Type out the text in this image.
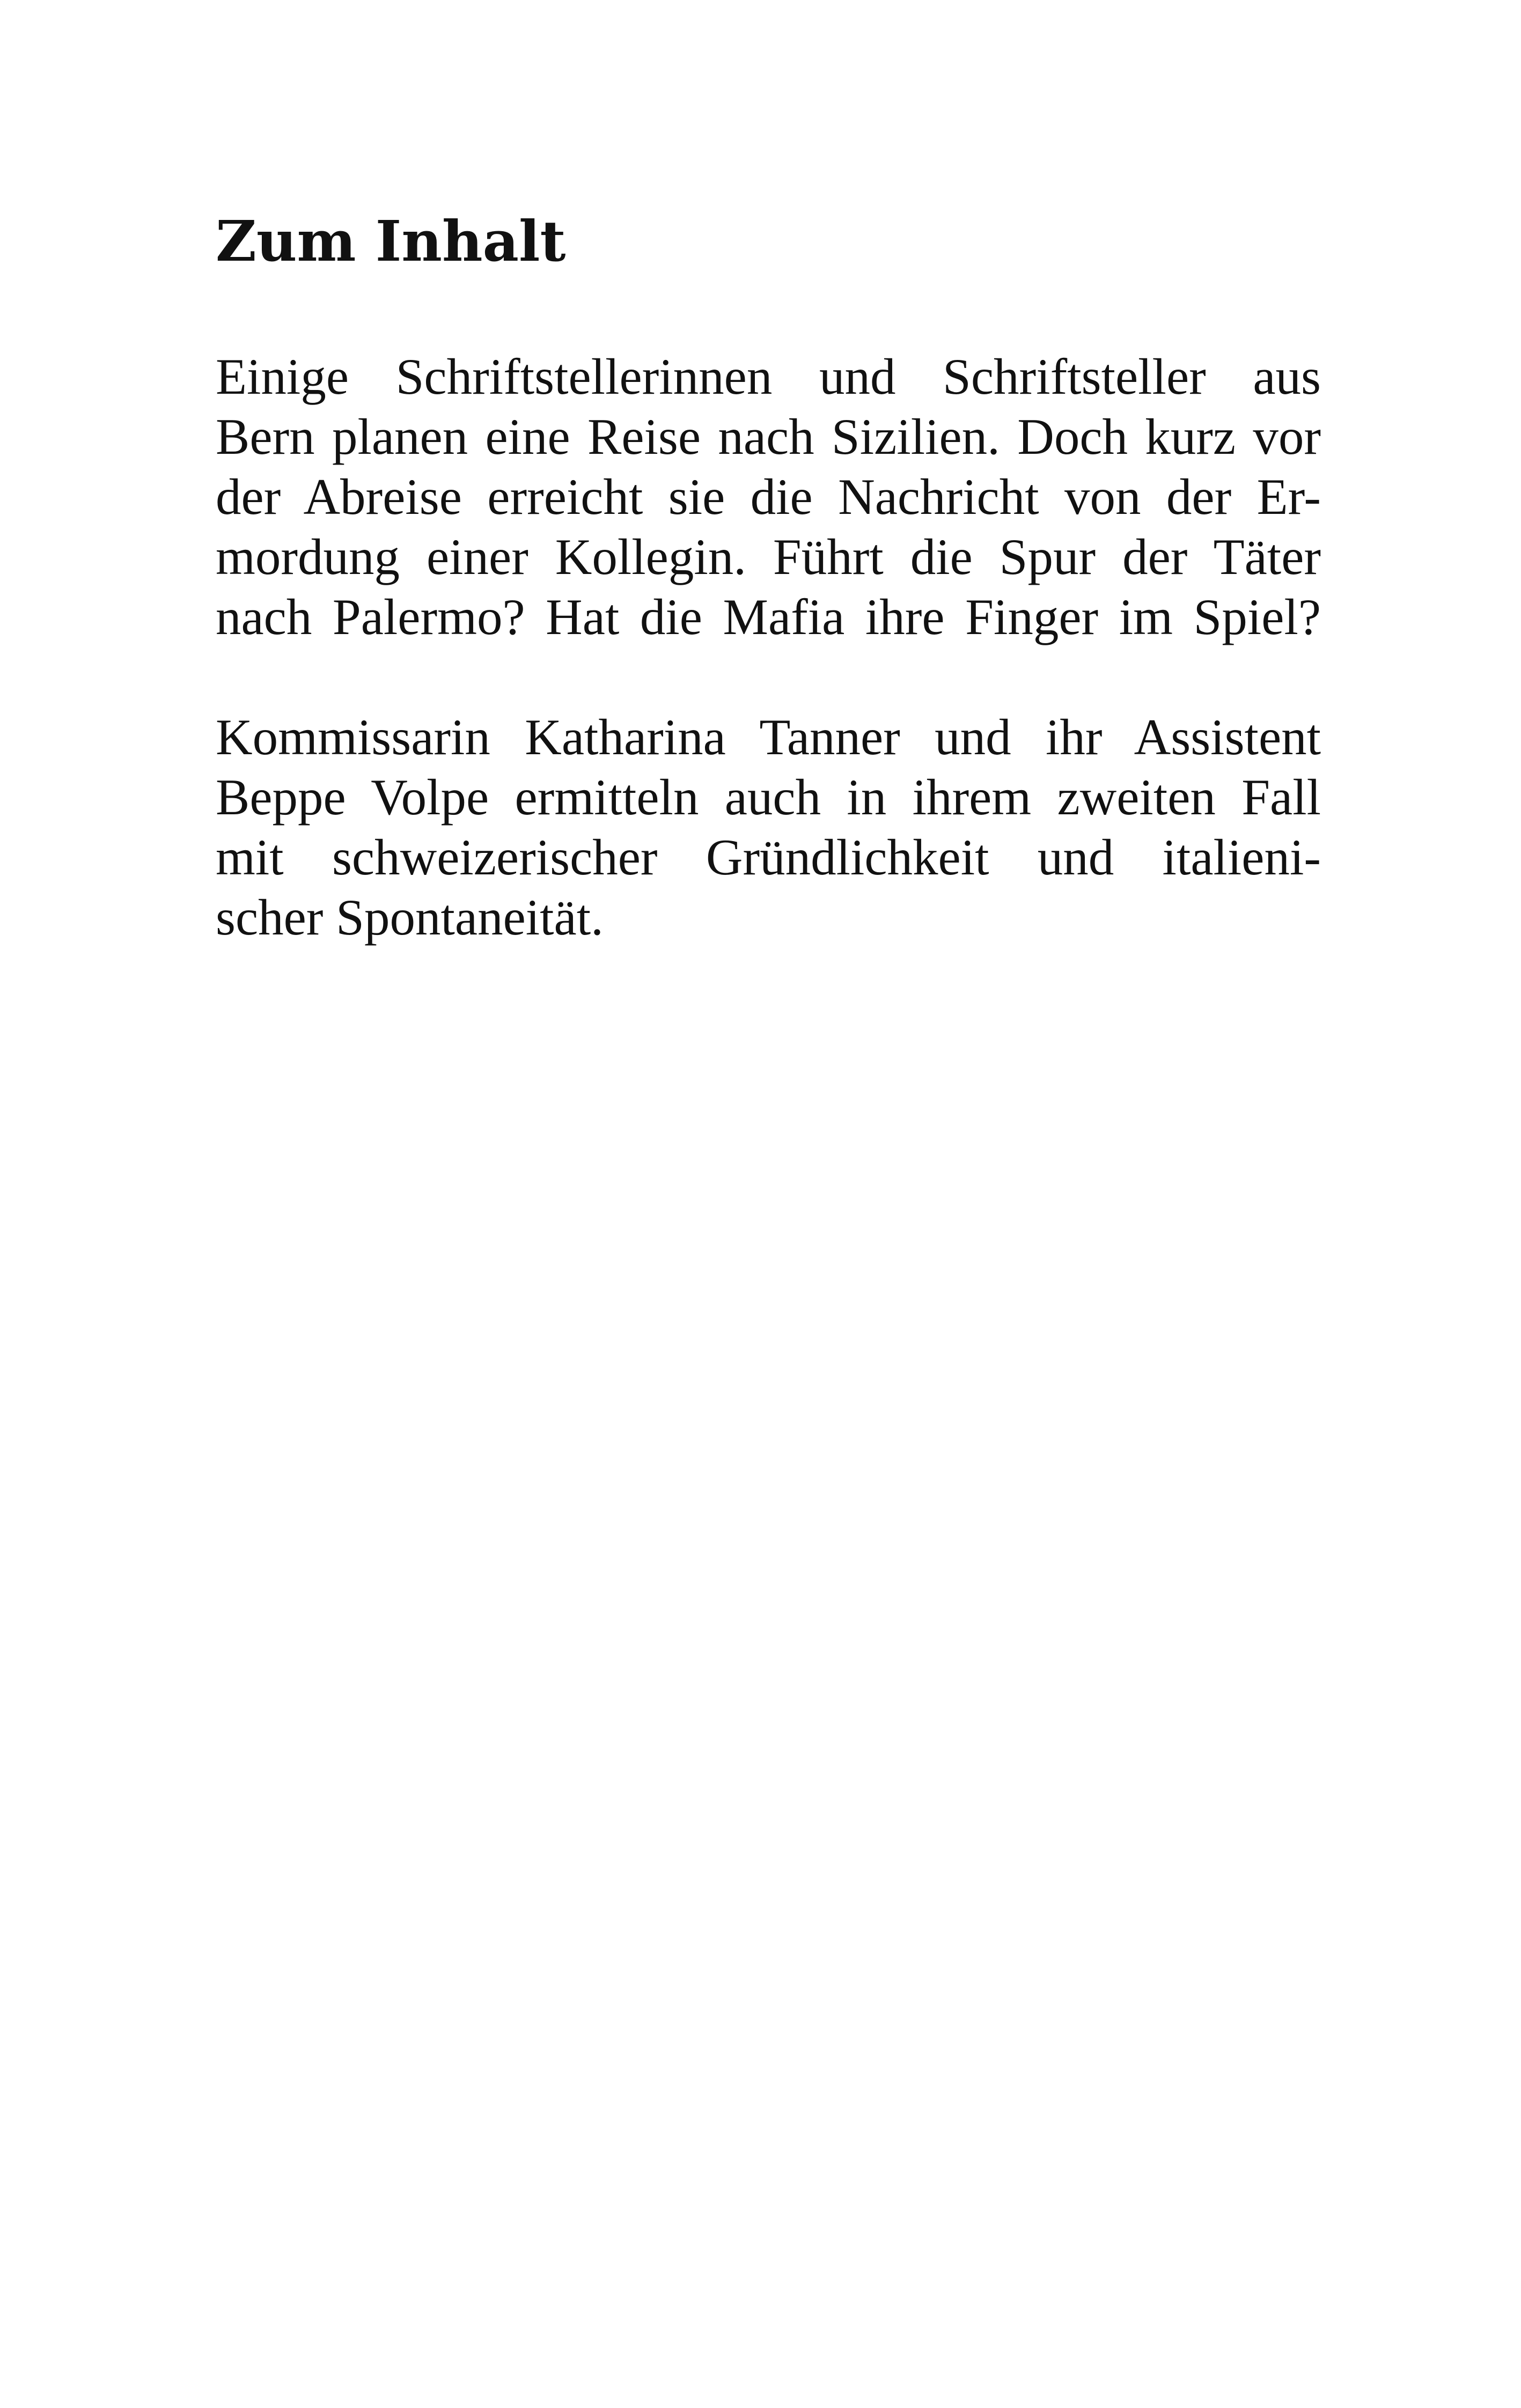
Zum Inhalt

Einige Schriftstellerinnen und Schriftsteller aus

Bern planen eine Reise nach Sizilien. Doch kurz vor

der Abreise erreicht sie die Nachricht von der Er-

mordung einer Kollegin. Führt die Spur der Täter

nach Palermo? Hat die Mafia ihre Finger im Spiel?

Kommissarin Katharina Tanner und ihr Assistent

Beppe Volpe ermitteln auch in ihrem zweiten Fall

mit schweizerischer Gründlichkeit und italieni-

scher Spontaneität.
